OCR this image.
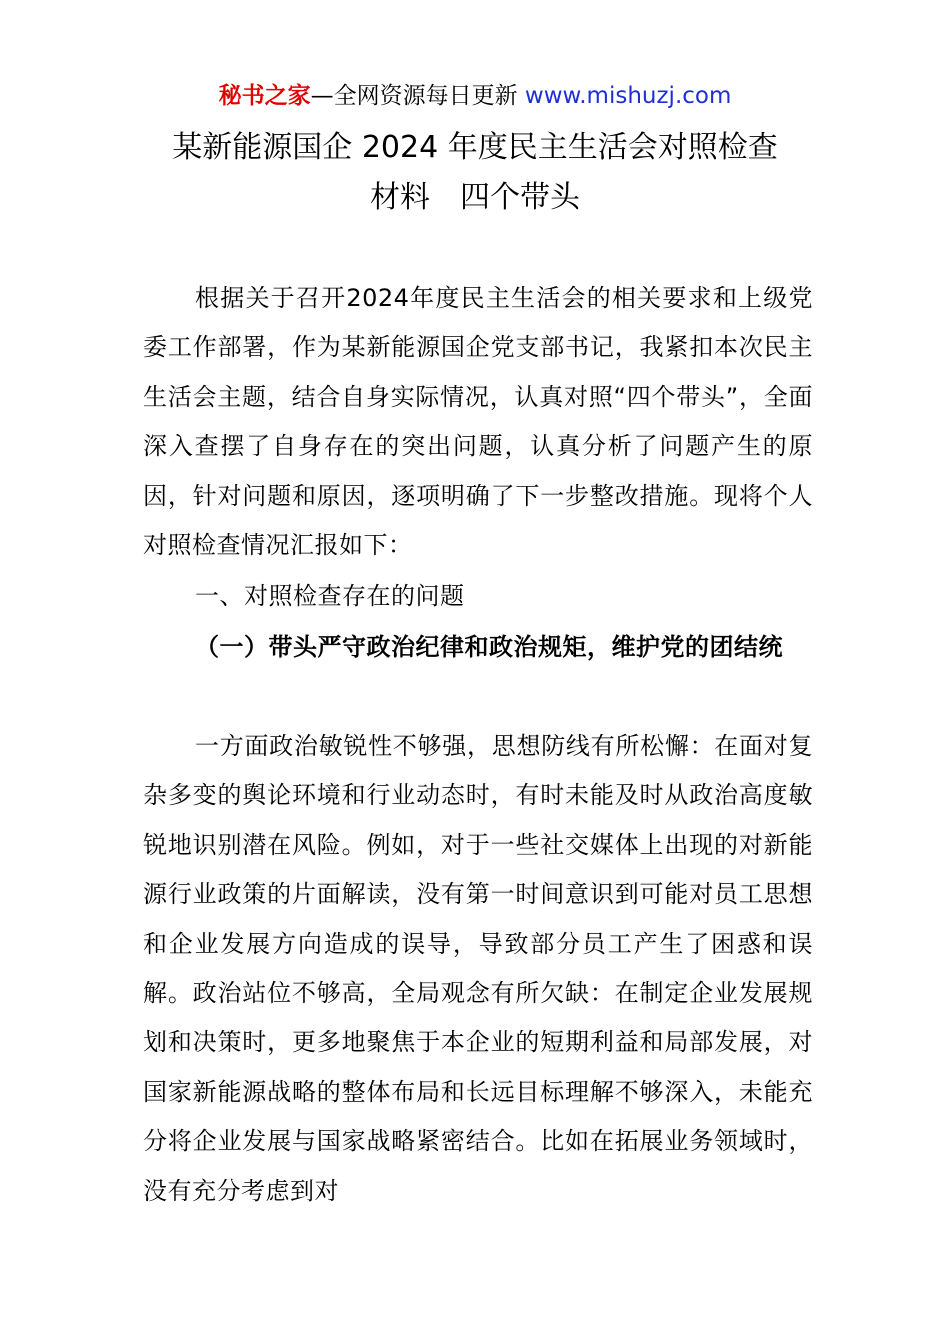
秘书之家—全网资源每日更新 www.mishuzj.com
某新能源国企 2024 年度民主生活会对照检查
材料　四个带头

根据关于召开2024年度民主生活会的相关要求和上级党委工作部署，作为某新能源国企党支部书记，我紧扣本次民主生活会主题，结合自身实际情况，认真对照“四个带头”，全面深入查摆了自身存在的突出问题，认真分析了问题产生的原因，针对问题和原因，逐项明确了下一步整改措施。现将个人对照检查情况汇报如下：

一、对照检查存在的问题

（一）带头严守政治纪律和政治规矩，维护党的团结统

一方面政治敏锐性不够强，思想防线有所松懈：在面对复杂多变的舆论环境和行业动态时，有时未能及时从政治高度敏锐地识别潜在风险。例如，对于一些社交媒体上出现的对新能源行业政策的片面解读，没有第一时间意识到可能对员工思想和企业发展方向造成的误导，导致部分员工产生了困惑和误解。政治站位不够高，全局观念有所欠缺：在制定企业发展规划和决策时，更多地聚焦于本企业的短期利益和局部发展，对国家新能源战略的整体布局和长远目标理解不够深入，未能充分将企业发展与国家战略紧密结合。比如在拓展业务领域时，没有充分考虑到对
